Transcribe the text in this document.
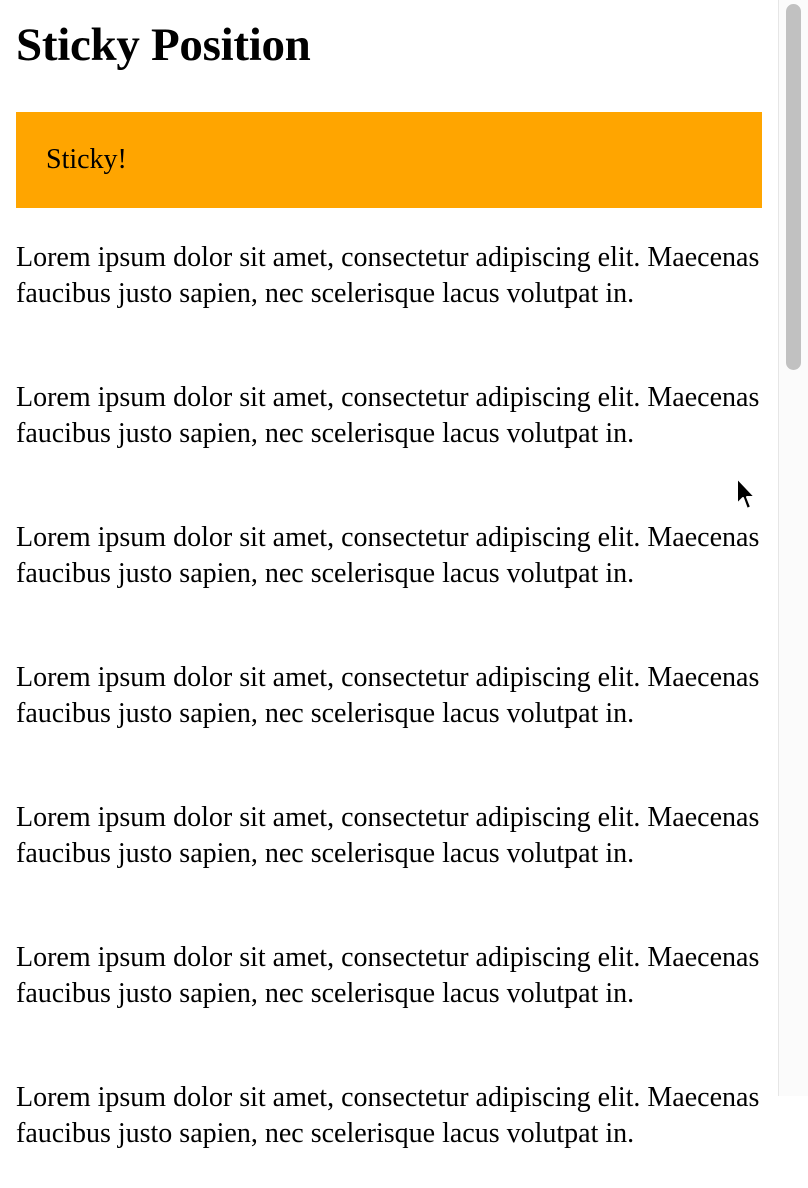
Sticky Position
Sticky!

Lorem ipsum dolor sit amet, consectetur adipiscing elit. Maecenas faucibus justo sapien, nec scelerisque lacus volutpat in.

Lorem ipsum dolor sit amet, consectetur adipiscing elit. Maecenas faucibus justo sapien, nec scelerisque lacus volutpat in.

Lorem ipsum dolor sit amet, consectetur adipiscing elit. Maecenas faucibus justo sapien, nec scelerisque lacus volutpat in.

Lorem ipsum dolor sit amet, consectetur adipiscing elit. Maecenas faucibus justo sapien, nec scelerisque lacus volutpat in.

Lorem ipsum dolor sit amet, consectetur adipiscing elit. Maecenas faucibus justo sapien, nec scelerisque lacus volutpat in.

Lorem ipsum dolor sit amet, consectetur adipiscing elit. Maecenas faucibus justo sapien, nec scelerisque lacus volutpat in.

Lorem ipsum dolor sit amet, consectetur adipiscing elit. Maecenas faucibus justo sapien, nec scelerisque lacus volutpat in.
